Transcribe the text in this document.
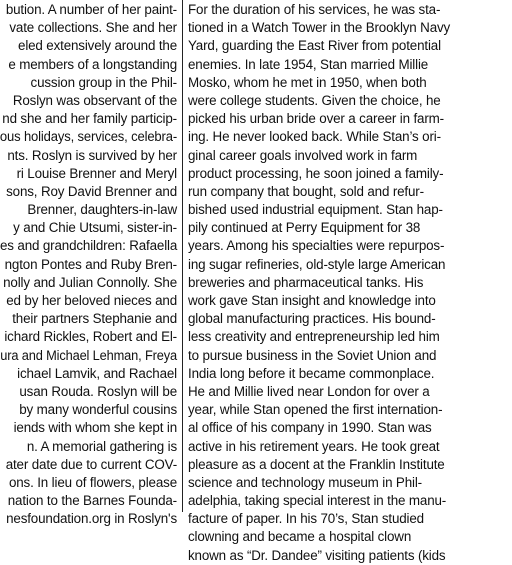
bution. A number of her paint-
vate collections. She and her
eled extensively around the
e members of a longstanding
cussion group in the Phil-
Roslyn was observant of the
nd she and her family particip-
ous holidays, services, celebra-
nts. Roslyn is survived by her
ri Louise Brenner and Meryl
sons, Roy David Brenner and
Brenner, daughters-in-law
y and Chie Utsumi, sister-in-
es and grandchildren: Rafaella
ngton Pontes and Ruby Bren-
nolly and Julian Connolly. She
ed by her beloved nieces and
their partners Stephanie and
ichard Rickles, Robert and El-
ura and Michael Lehman, Freya
ichael Lamvik, and Rachael
usan Rouda. Roslyn will be
by many wonderful cousins
iends with whom she kept in
n. A memorial gathering is
ater date due to current COV-
ons. In lieu of flowers, please
nation to the Barnes Founda-
nesfoundation.org in Roslyn's
For the duration of his services, he was sta-
tioned in a Watch Tower in the Brooklyn Navy
Yard, guarding the East River from potential
enemies. In late 1954, Stan married Millie
Mosko, whom he met in 1950, when both
were college students. Given the choice, he
picked his urban bride over a career in farm-
ing. He never looked back. While Stan’s ori-
ginal career goals involved work in farm
product processing, he soon joined a family-
run company that bought, sold and refur-
bished used industrial equipment. Stan hap-
pily continued at Perry Equipment for 38
years. Among his specialties were repurpos-
ing sugar refineries, old-style large American
breweries and pharmaceutical tanks. His
work gave Stan insight and knowledge into
global manufacturing practices. His bound-
less creativity and entrepreneurship led him
to pursue business in the Soviet Union and
India long before it became commonplace.
He and Millie lived near London for over a
year, while Stan opened the first internation-
al office of his company in 1990. Stan was
active in his retirement years. He took great
pleasure as a docent at the Franklin Institute
science and technology museum in Phil-
adelphia, taking special interest in the manu-
facture of paper. In his 70’s, Stan studied
clowning and became a hospital clown
known as “Dr. Dandee” visiting patients (kids
